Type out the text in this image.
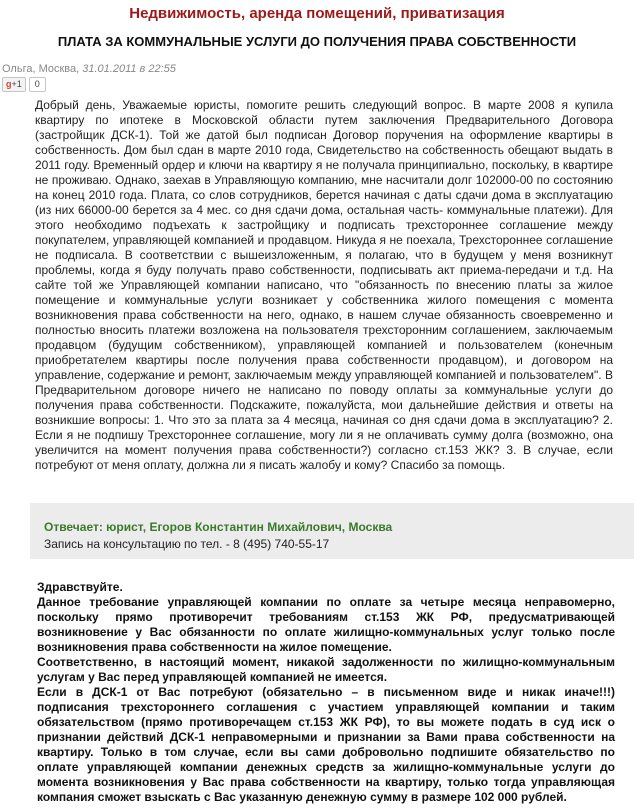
Недвижимость, аренда помещений, приватизация
ПЛАТА ЗА КОММУНАЛЬНЫЕ УСЛУГИ ДО ПОЛУЧЕНИЯ ПРАВА СОБСТВЕННОСТИ
Ольга, Москва, 31.01.2011 в 22:55
g+1	0
Добрый день, Уважаемые юристы, помогите решить следующий вопрос. В марте 2008 я купила квартиру по ипотеке в Московской области путем заключения Предварительного Договора (застройщик ДСК-1). Той же датой был подписан Договор поручения на оформление квартиры в собственность. Дом был сдан в марте 2010 года, Свидетельство на собственность обещают выдать в 2011 году. Временный ордер и ключи на квартиру я не получала принципиально, поскольку, в квартире не проживаю. Однако, заехав в Управляющую компанию, мне насчитали долг 102000-00 по состоянию на конец 2010 года. Плата, со слов сотрудников, берется начиная с даты сдачи дома в эксплуатацию (из них 66000-00 берется за 4 мес. со дня сдачи дома, остальная часть- коммунальные платежи). Для этого необходимо подъехать к застройщику и подписать трехстороннее соглашение между покупателем, управляющей компанией и продавцом. Никуда я не поехала, Трехстороннее соглашение не подписала. В соответствии с вышеизложенным, я полагаю, что в будущем у меня возникнут проблемы, когда я буду получать право собственности, подписывать акт приема-передачи и т.д. На сайте той же Управляющей компании написано, что "обязанность по внесению платы за жилое помещение и коммунальные услуги возникает у собственника жилого помещения с момента возникновения права собственности на него, однако, в нашем случае обязанность своевременно и полностью вносить платежи возложена на пользователя трехсторонним соглашением, заключаемым продавцом (будущим собственником), управляющей компанией и пользователем (конечным приобретателем квартиры после получения права собственности продавцом), и договором на управление, содержание и ремонт, заключаемым между управляющей компанией и пользователем". В Предварительном договоре ничего не написано по поводу оплаты за коммунальные услуги до получения права собственности. Подскажите, пожалуйста, мои дальнейшие действия и ответы на возникшие вопросы: 1. Что это за плата за 4 месяца, начиная со дня сдачи дома в эксплуатацию? 2. Если я не подпишу Трехстороннее соглашение, могу ли я не оплачивать сумму долга (возможно, она увеличится на момент получения права собственности?) согласно ст.153 ЖК? 3. В случае, если потребуют от меня оплату, должна ли я писать жалобу и кому? Спасибо за помощь.
Отвечает: юрист, Егоров Константин Михайлович, Москва
Запись на консультацию по тел. - 8 (495) 740-55-17

Здравствуйте.

Данное требование управляющей компании по оплате за четыре месяца неправомерно, поскольку прямо противоречит требованиям ст.153 ЖК РФ, предусматривающей возникновение у Вас обязанности по оплате жилищно-коммунальных услуг только после возникновения права собственности на жилое помещение.

Соответственно, в настоящий момент, никакой задолженности по жилищно-коммунальным услугам у Вас перед управляющей компанией не имеется.

Если в ДСК-1 от Вас потребуют (обязательно – в письменном виде и никак иначе!!!) подписания трехстороннего соглашения с участием управляющей компании и таким обязательством (прямо противоречащем ст.153 ЖК РФ), то вы можете подать в суд иск о признании действий ДСК-1 неправомерными и признании за Вами права собственности на квартиру. Только в том случае, если вы сами добровольно подпишите обязательство по оплате управляющей компании денежных средств за жилищно-коммунальные услуги до момента возникновения у Вас права собственности на квартиру, только тогда управляющая компания сможет взыскать с Вас указанную денежную сумму в размере 102 000 рублей.
